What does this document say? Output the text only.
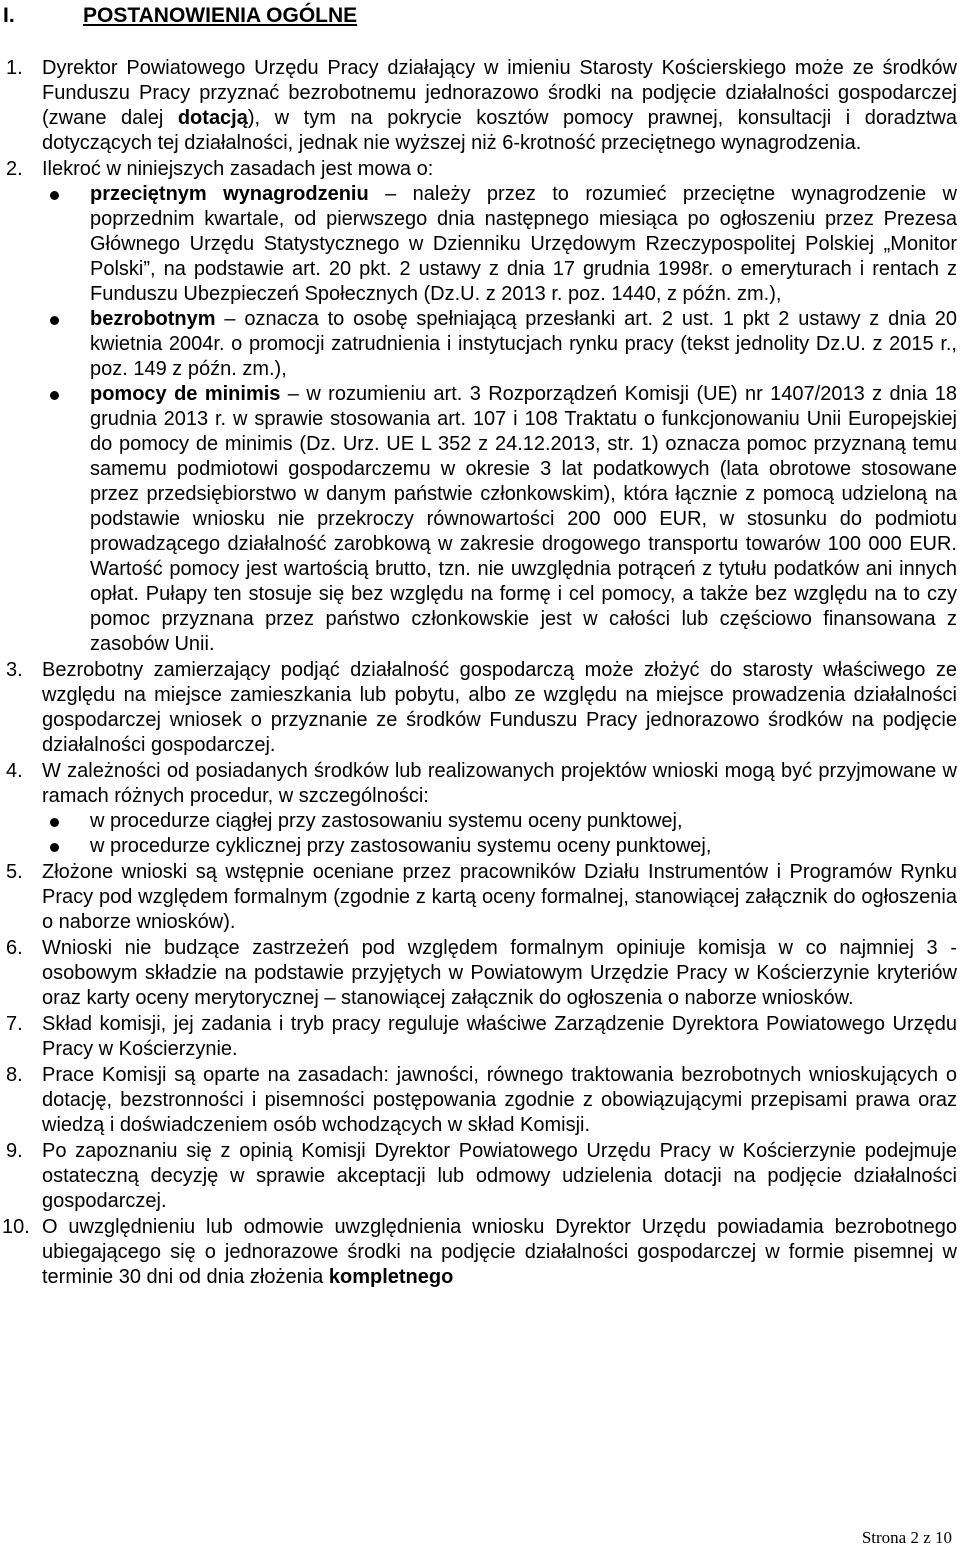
I.	POSTANOWIENIA OGÓLNE
1. Dyrektor Powiatowego Urzędu Pracy działający w imieniu Starosty Kościerskiego może ze środków Funduszu Pracy przyznać bezrobotnemu jednorazowo środki na podjęcie działalności gospodarczej (zwane dalej dotacją), w tym na pokrycie kosztów pomocy prawnej, konsultacji i doradztwa dotyczących tej działalności, jednak nie wyższej niż 6-krotność przeciętnego wynagrodzenia.

2. Ilekroć w niniejszych zasadach jest mowa o:

przeciętnym wynagrodzeniu – należy przez to rozumieć przeciętne wynagrodzenie w poprzednim kwartale, od pierwszego dnia następnego miesiąca po ogłoszeniu przez Prezesa Głównego Urzędu Statystycznego w Dzienniku Urzędowym Rzeczypospolitej Polskiej „Monitor Polski”, na podstawie art. 20 pkt. 2 ustawy z dnia 17 grudnia 1998r. o emeryturach i rentach z Funduszu Ubezpieczeń Społecznych (Dz.U. z 2013 r. poz. 1440, z późn. zm.),
bezrobotnym – oznacza to osobę spełniającą przesłanki art. 2 ust. 1 pkt 2 ustawy z dnia 20 kwietnia 2004r. o promocji zatrudnienia i instytucjach rynku pracy (tekst jednolity Dz.U. z 2015 r., poz. 149 z późn. zm.),
pomocy de minimis – w rozumieniu art. 3 Rozporządzeń Komisji (UE) nr 1407/2013 z dnia 18 grudnia 2013 r. w sprawie stosowania art. 107 i 108 Traktatu o funkcjonowaniu Unii Europejskiej do pomocy de minimis (Dz. Urz. UE L 352 z 24.12.2013, str. 1) oznacza pomoc przyznaną temu samemu podmiotowi gospodarczemu w okresie 3 lat podatkowych (lata obrotowe stosowane przez przedsiębiorstwo w danym państwie członkowskim), która łącznie z pomocą udzieloną na podstawie wniosku nie przekroczy równowartości 200 000 EUR, w stosunku do podmiotu prowadzącego działalność zarobkową w zakresie drogowego transportu towarów 100 000 EUR. Wartość pomocy jest wartością brutto, tzn. nie uwzględnia potrąceń z tytułu podatków ani innych opłat. Pułapy ten stosuje się bez względu na formę i cel pomocy, a także bez względu na to czy pomoc przyznana przez państwo członkowskie jest w całości lub częściowo finansowana z zasobów Unii.
3. Bezrobotny zamierzający podjąć działalność gospodarczą może złożyć do starosty właściwego ze względu na miejsce zamieszkania lub pobytu, albo ze względu na miejsce prowadzenia działalności gospodarczej wniosek o przyznanie ze środków Funduszu Pracy jednorazowo środków na podjęcie działalności gospodarczej.

4. W zależności od posiadanych środków lub realizowanych projektów wnioski mogą być przyjmowane w ramach różnych procedur, w szczególności:

w procedurze ciągłej przy zastosowaniu systemu oceny punktowej,
w procedurze cyklicznej przy zastosowaniu systemu oceny punktowej,
5. Złożone wnioski są wstępnie oceniane przez pracowników Działu Instrumentów i Programów Rynku Pracy pod względem formalnym (zgodnie z kartą oceny formalnej, stanowiącej załącznik do ogłoszenia o naborze wniosków).

6. Wnioski nie budzące zastrzeżeń pod względem formalnym opiniuje komisja w co najmniej 3 - osobowym składzie na podstawie przyjętych w Powiatowym Urzędzie Pracy w Kościerzynie kryteriów oraz karty oceny merytorycznej – stanowiącej załącznik do ogłoszenia o naborze wniosków.

7. Skład komisji, jej zadania i tryb pracy reguluje właściwe Zarządzenie Dyrektora Powiatowego Urzędu Pracy w Kościerzynie.

8. Prace Komisji są oparte na zasadach: jawności, równego traktowania bezrobotnych wnioskujących o dotację, bezstronności i pisemności postępowania zgodnie z obowiązującymi przepisami prawa oraz wiedzą i doświadczeniem osób wchodzących w skład Komisji.

9. Po zapoznaniu się z opinią Komisji Dyrektor Powiatowego Urzędu Pracy w Kościerzynie podejmuje ostateczną decyzję w sprawie akceptacji lub odmowy udzielenia dotacji na podjęcie działalności gospodarczej.

10. O uwzględnieniu lub odmowie uwzględnienia wniosku Dyrektor Urzędu powiadamia bezrobotnego ubiegającego się o jednorazowe środki na podjęcie działalności gospodarczej w formie pisemnej w terminie 30 dni od dnia złożenia kompletnego

Strona 2 z 10
